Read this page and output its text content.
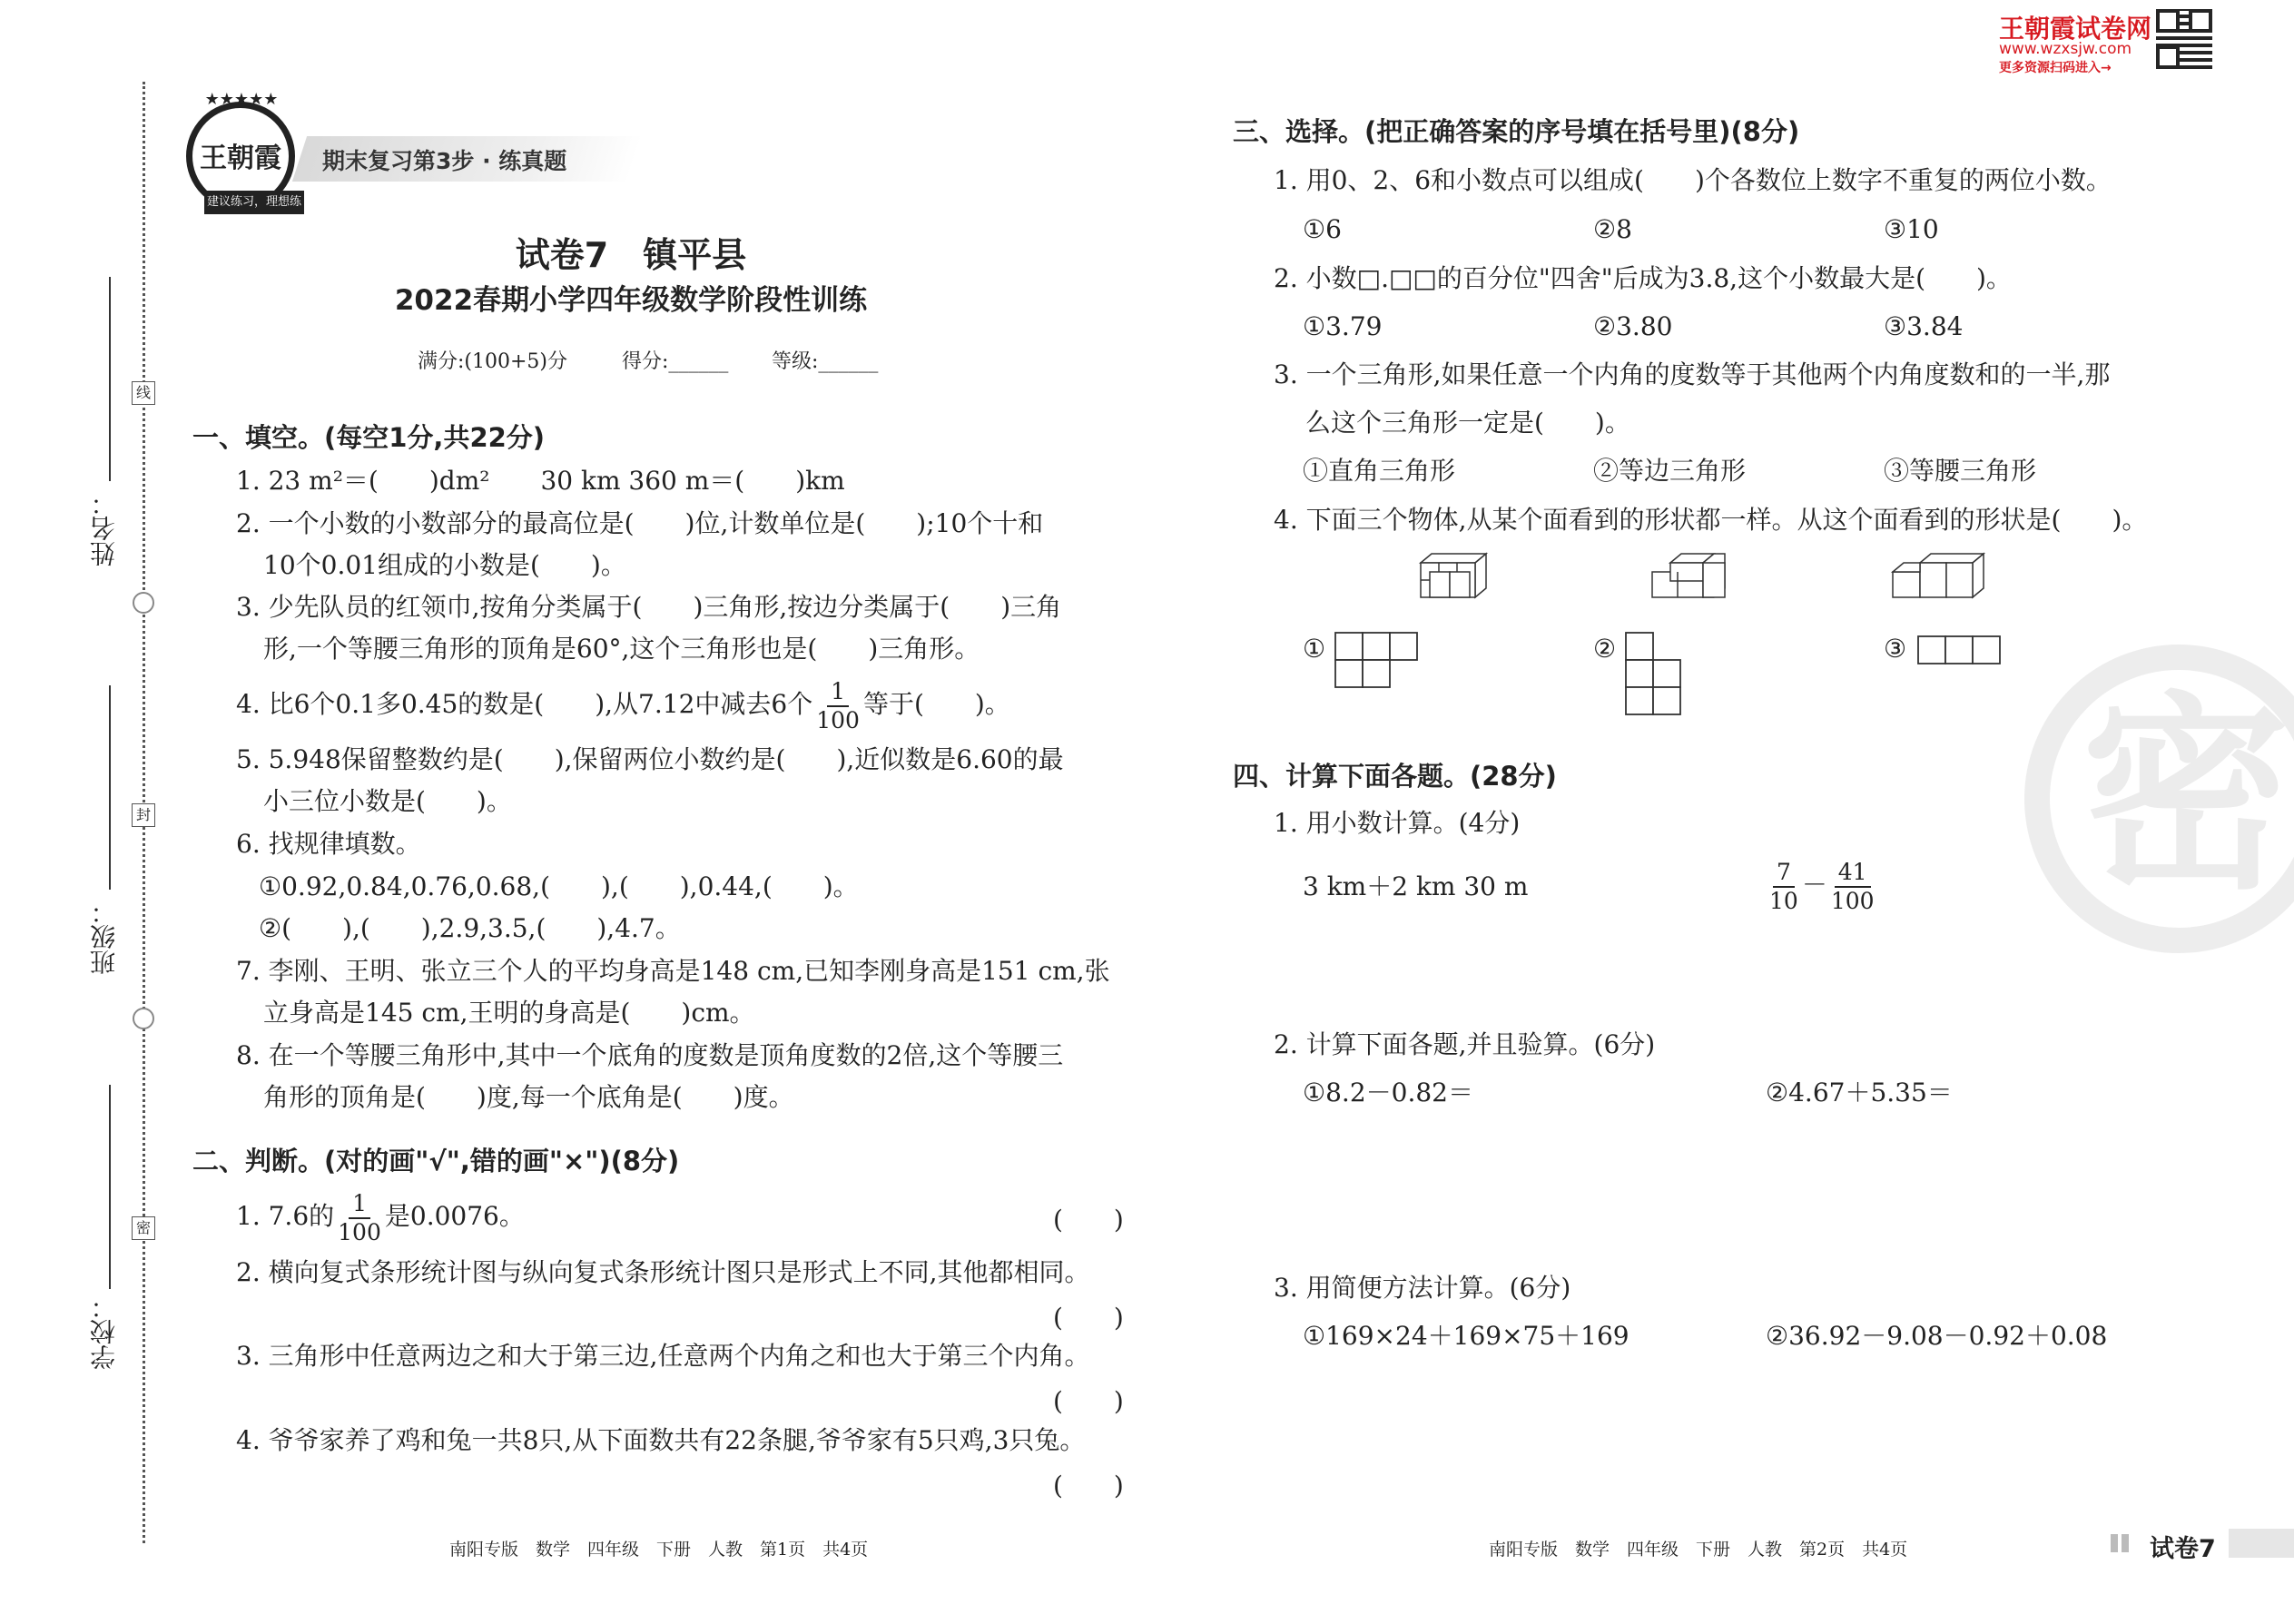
线
封
密
姓名：
班级：
学校：
★★★★★
王朝霞
建议练习，理想练习
期末复习第3步 · 练真题
王朝霞试卷网
www.wzxsjw.com
更多资源扫码进入→
试卷7　镇平县
2022春期小学四年级数学阶段性训练
满分:(100+5)分	得分:______ 等级:______
一、填空。(每空1分,共22分)
1. 23 m²＝(　　)dm²　　30 km 360 m＝(　　)km
2. 一个小数的小数部分的最高位是(　　)位,计数单位是(　　);10个十和
10个0.01组成的小数是(　　)。
3. 少先队员的红领巾,按角分类属于(　　)三角形,按边分类属于(　　)三角
形,一个等腰三角形的顶角是60°,这个三角形也是(　　)三角形。
4. 比6个0.1多0.45的数是(　　),从7.12中减去6个 $\frac{1}{100}$ 等于(　　)。
5. 5.948保留整数约是(　　),保留两位小数约是(　　),近似数是6.60的最
小三位小数是(　　)。
6. 找规律填数。
①0.92,0.84,0.76,0.68,(　　),(　　),0.44,(　　)。
②(　　),(　　),2.9,3.5,(　　),4.7。
7. 李刚、王明、张立三个人的平均身高是148 cm,已知李刚身高是151 cm,张
立身高是145 cm,王明的身高是(　　)cm。
8. 在一个等腰三角形中,其中一个底角的度数是顶角度数的2倍,这个等腰三
角形的顶角是(　　)度,每一个底角是(　　)度。
二、判断。(对的画"√",错的画"×")(8分)
1. 7.6的 $\frac{1}{100}$ 是0.0076。	(　　)
2. 横向复式条形统计图与纵向复式条形统计图只是形式上不同,其他都相同。
(　　)
3. 三角形中任意两边之和大于第三边,任意两个内角之和也大于第三个内角。
(　　)
4. 爷爷家养了鸡和兔一共8只,从下面数共有22条腿,爷爷家有5只鸡,3只兔。
(　　)
南阳专版　数学　四年级　下册　人教　第1页　共4页
三、选择。(把正确答案的序号填在括号里)(8分)
1. 用0、2、6和小数点可以组成(　　)个各数位上数字不重复的两位小数。
①6	②8	③10
2. 小数□.□□的百分位"四舍"后成为3.8,这个小数最大是(　　)。
①3.79	②3.80	③3.84
3. 一个三角形,如果任意一个内角的度数等于其他两个内角度数和的一半,那
么这个三角形一定是(　　)。
①直角三角形	②等边三角形	③等腰三角形
4. 下面三个物体,从某个面看到的形状都一样。从这个面看到的形状是(　　)。
①	②	③
四、计算下面各题。(28分)
1. 用小数计算。(4分)
3 km＋2 km 30 m	$\frac{7}{10} - \frac{41}{100}$
2. 计算下面各题,并且验算。(6分)
①8.2－0.82＝	②4.67＋5.35＝
3. 用简便方法计算。(6分)
①169×24＋169×75＋169	②36.92－9.08－0.92＋0.08
密
南阳专版　数学　四年级　下册　人教　第2页　共4页	试卷7
